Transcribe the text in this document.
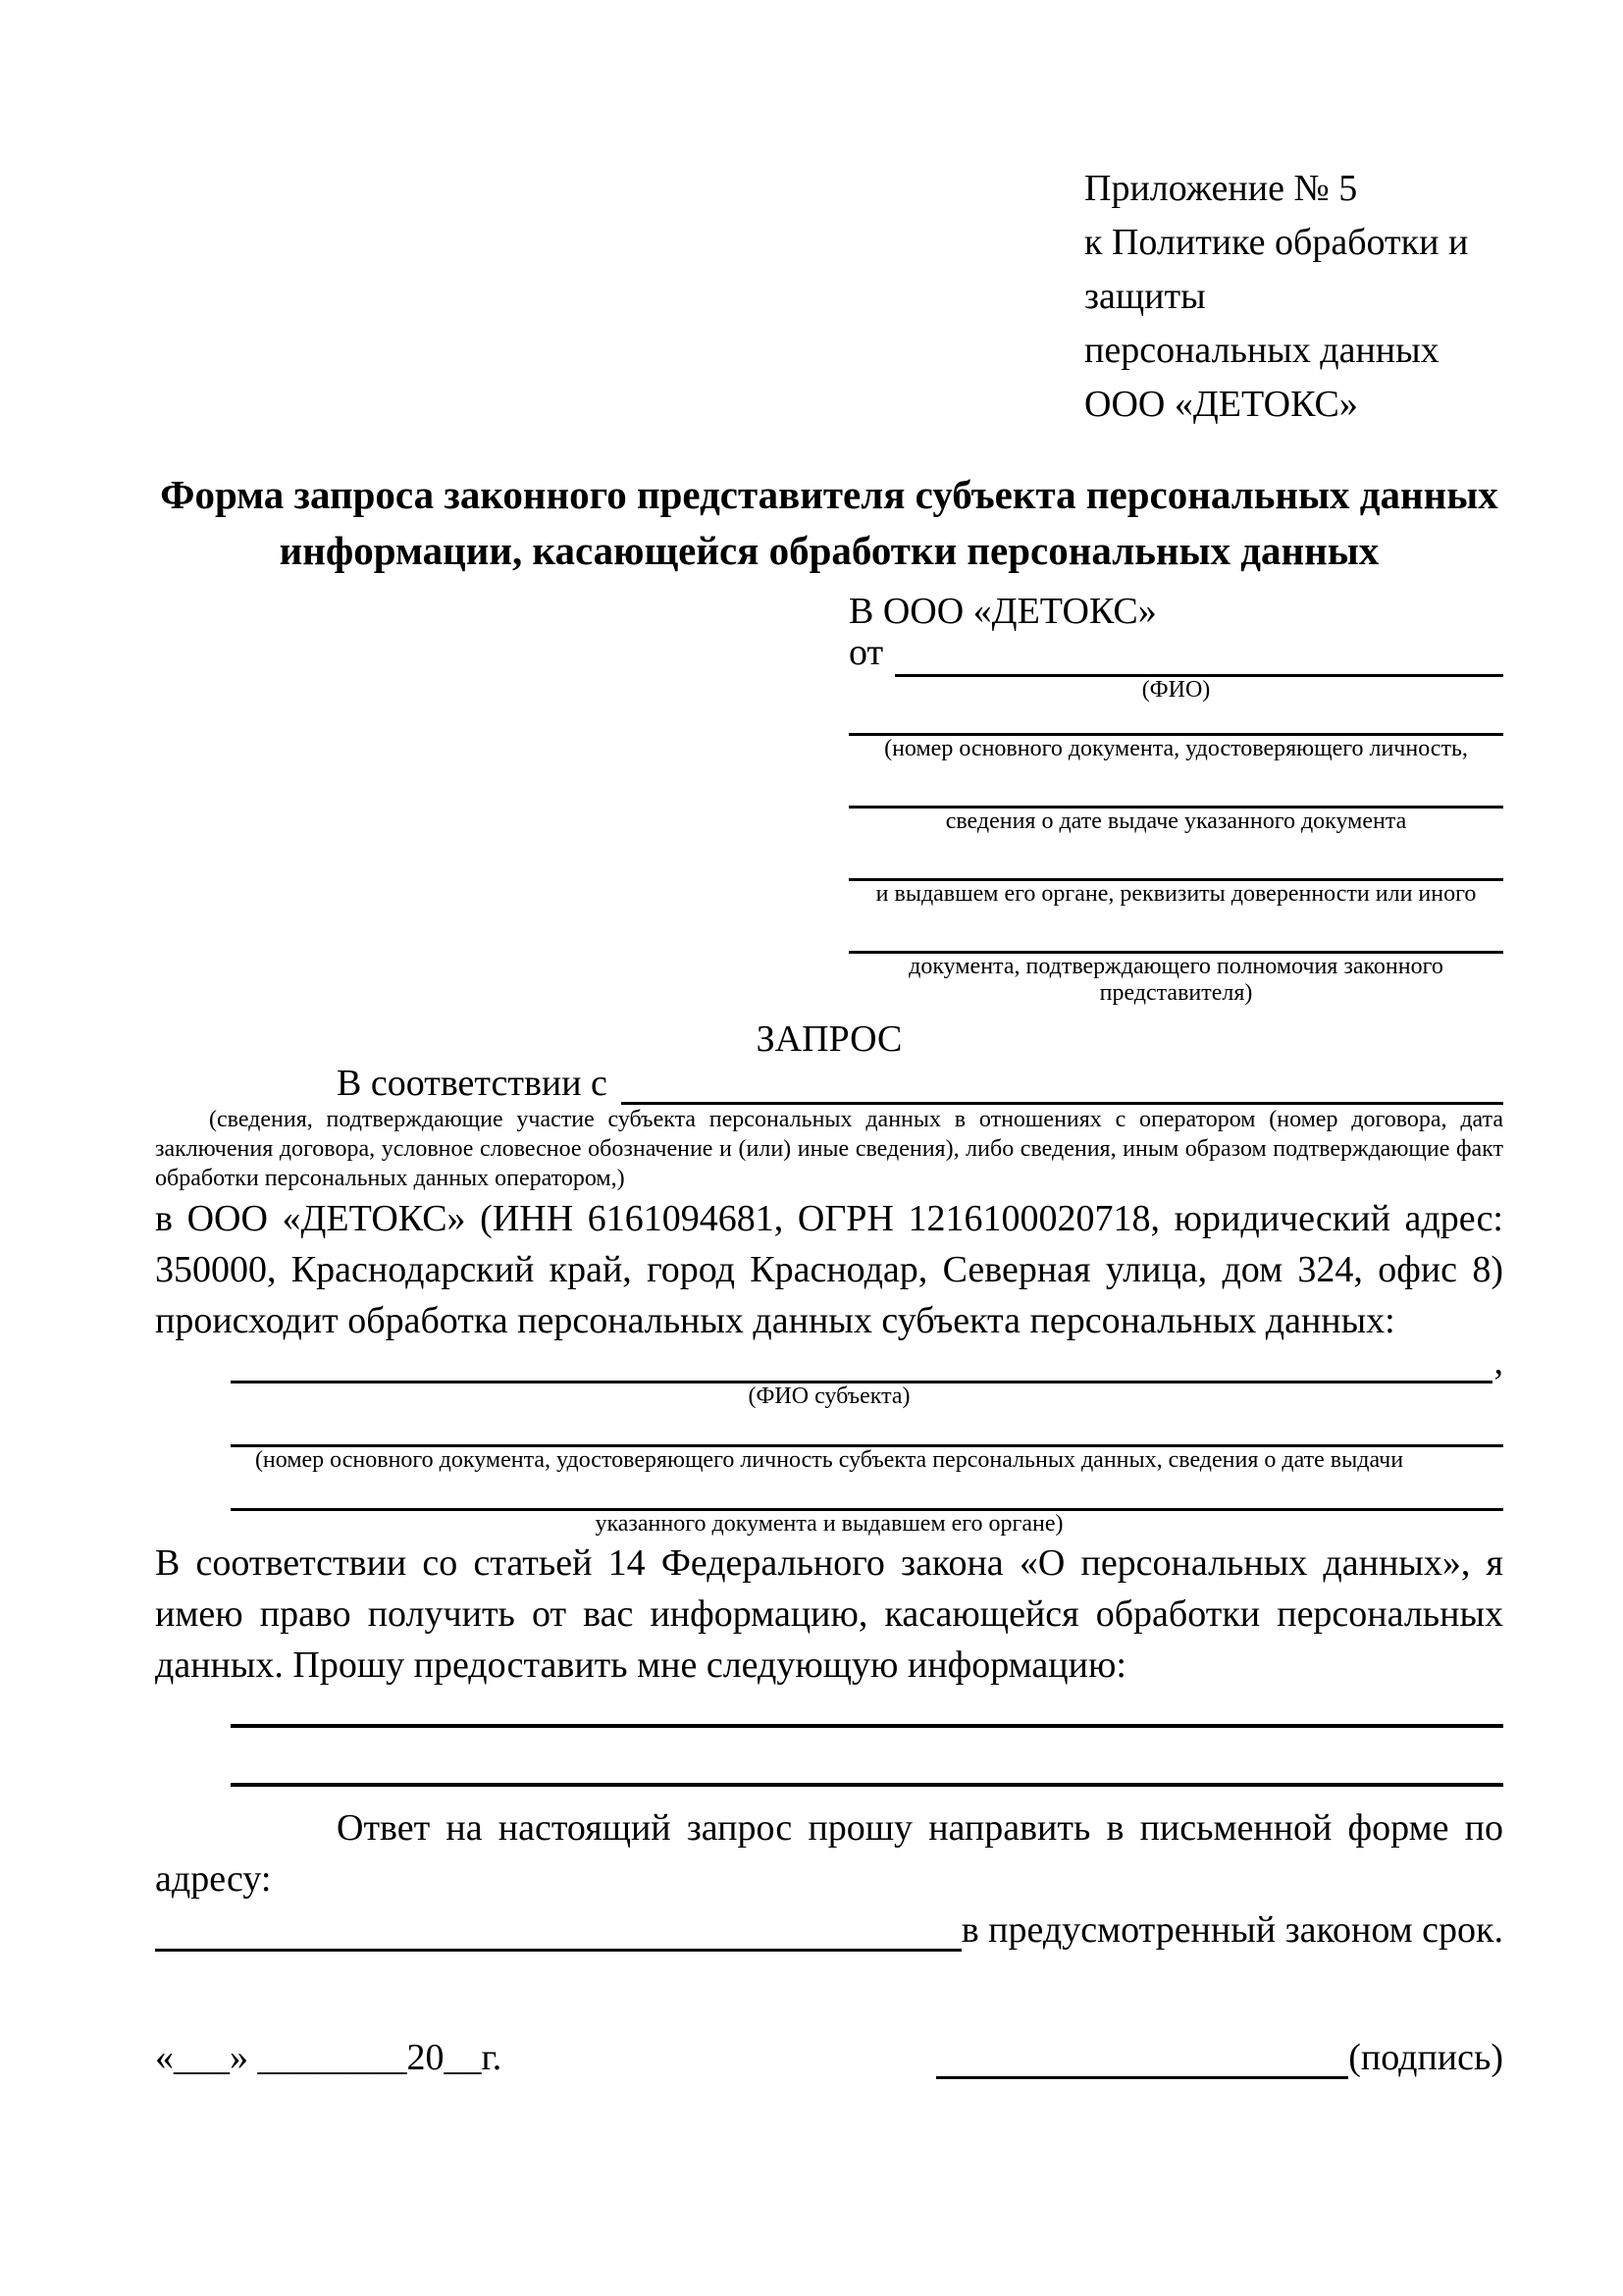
Приложение № 5
к Политике обработки и защиты
персональных данных
ООО «ДЕТОКС»
Форма запроса законного представителя субъекта персональных данных информации, касающейся обработки персональных данных
В ООО «ДЕТОКС»
от
(ФИО)
(номер основного документа, удостоверяющего личность,
сведения о дате выдаче указанного документа
и выдавшем его органе, реквизиты доверенности или иного
документа, подтверждающего полномочия законного представителя)
ЗАПРОС
В соответствии с
(сведения, подтверждающие участие субъекта персональных данных в отношениях с оператором (номер договора, дата заключения договора, условное словесное обозначение и (или) иные сведения), либо сведения, иным образом подтверждающие факт обработки персональных данных оператором,)
в ООО «ДЕТОКС» (ИНН 6161094681, ОГРН 1216100020718, юридический адрес: 350000, Краснодарский край, город Краснодар, Северная улица, дом 324, офис 8) происходит обработка персональных данных субъекта персональных данных:
,
(ФИО субъекта)
(номер основного документа, удостоверяющего личность субъекта персональных данных, сведения о дате выдачи
указанного документа и выдавшем его органе)
В соответствии со статьей 14 Федерального закона «О персональных данных», я имею право получить от вас информацию, касающейся обработки персональных данных. Прошу предоставить мне следующую информацию:
Ответ на настоящий запрос прошу направить в письменной форме по адресу:
в предусмотренный законом срок.
«___» ________20__г.	(подпись)
